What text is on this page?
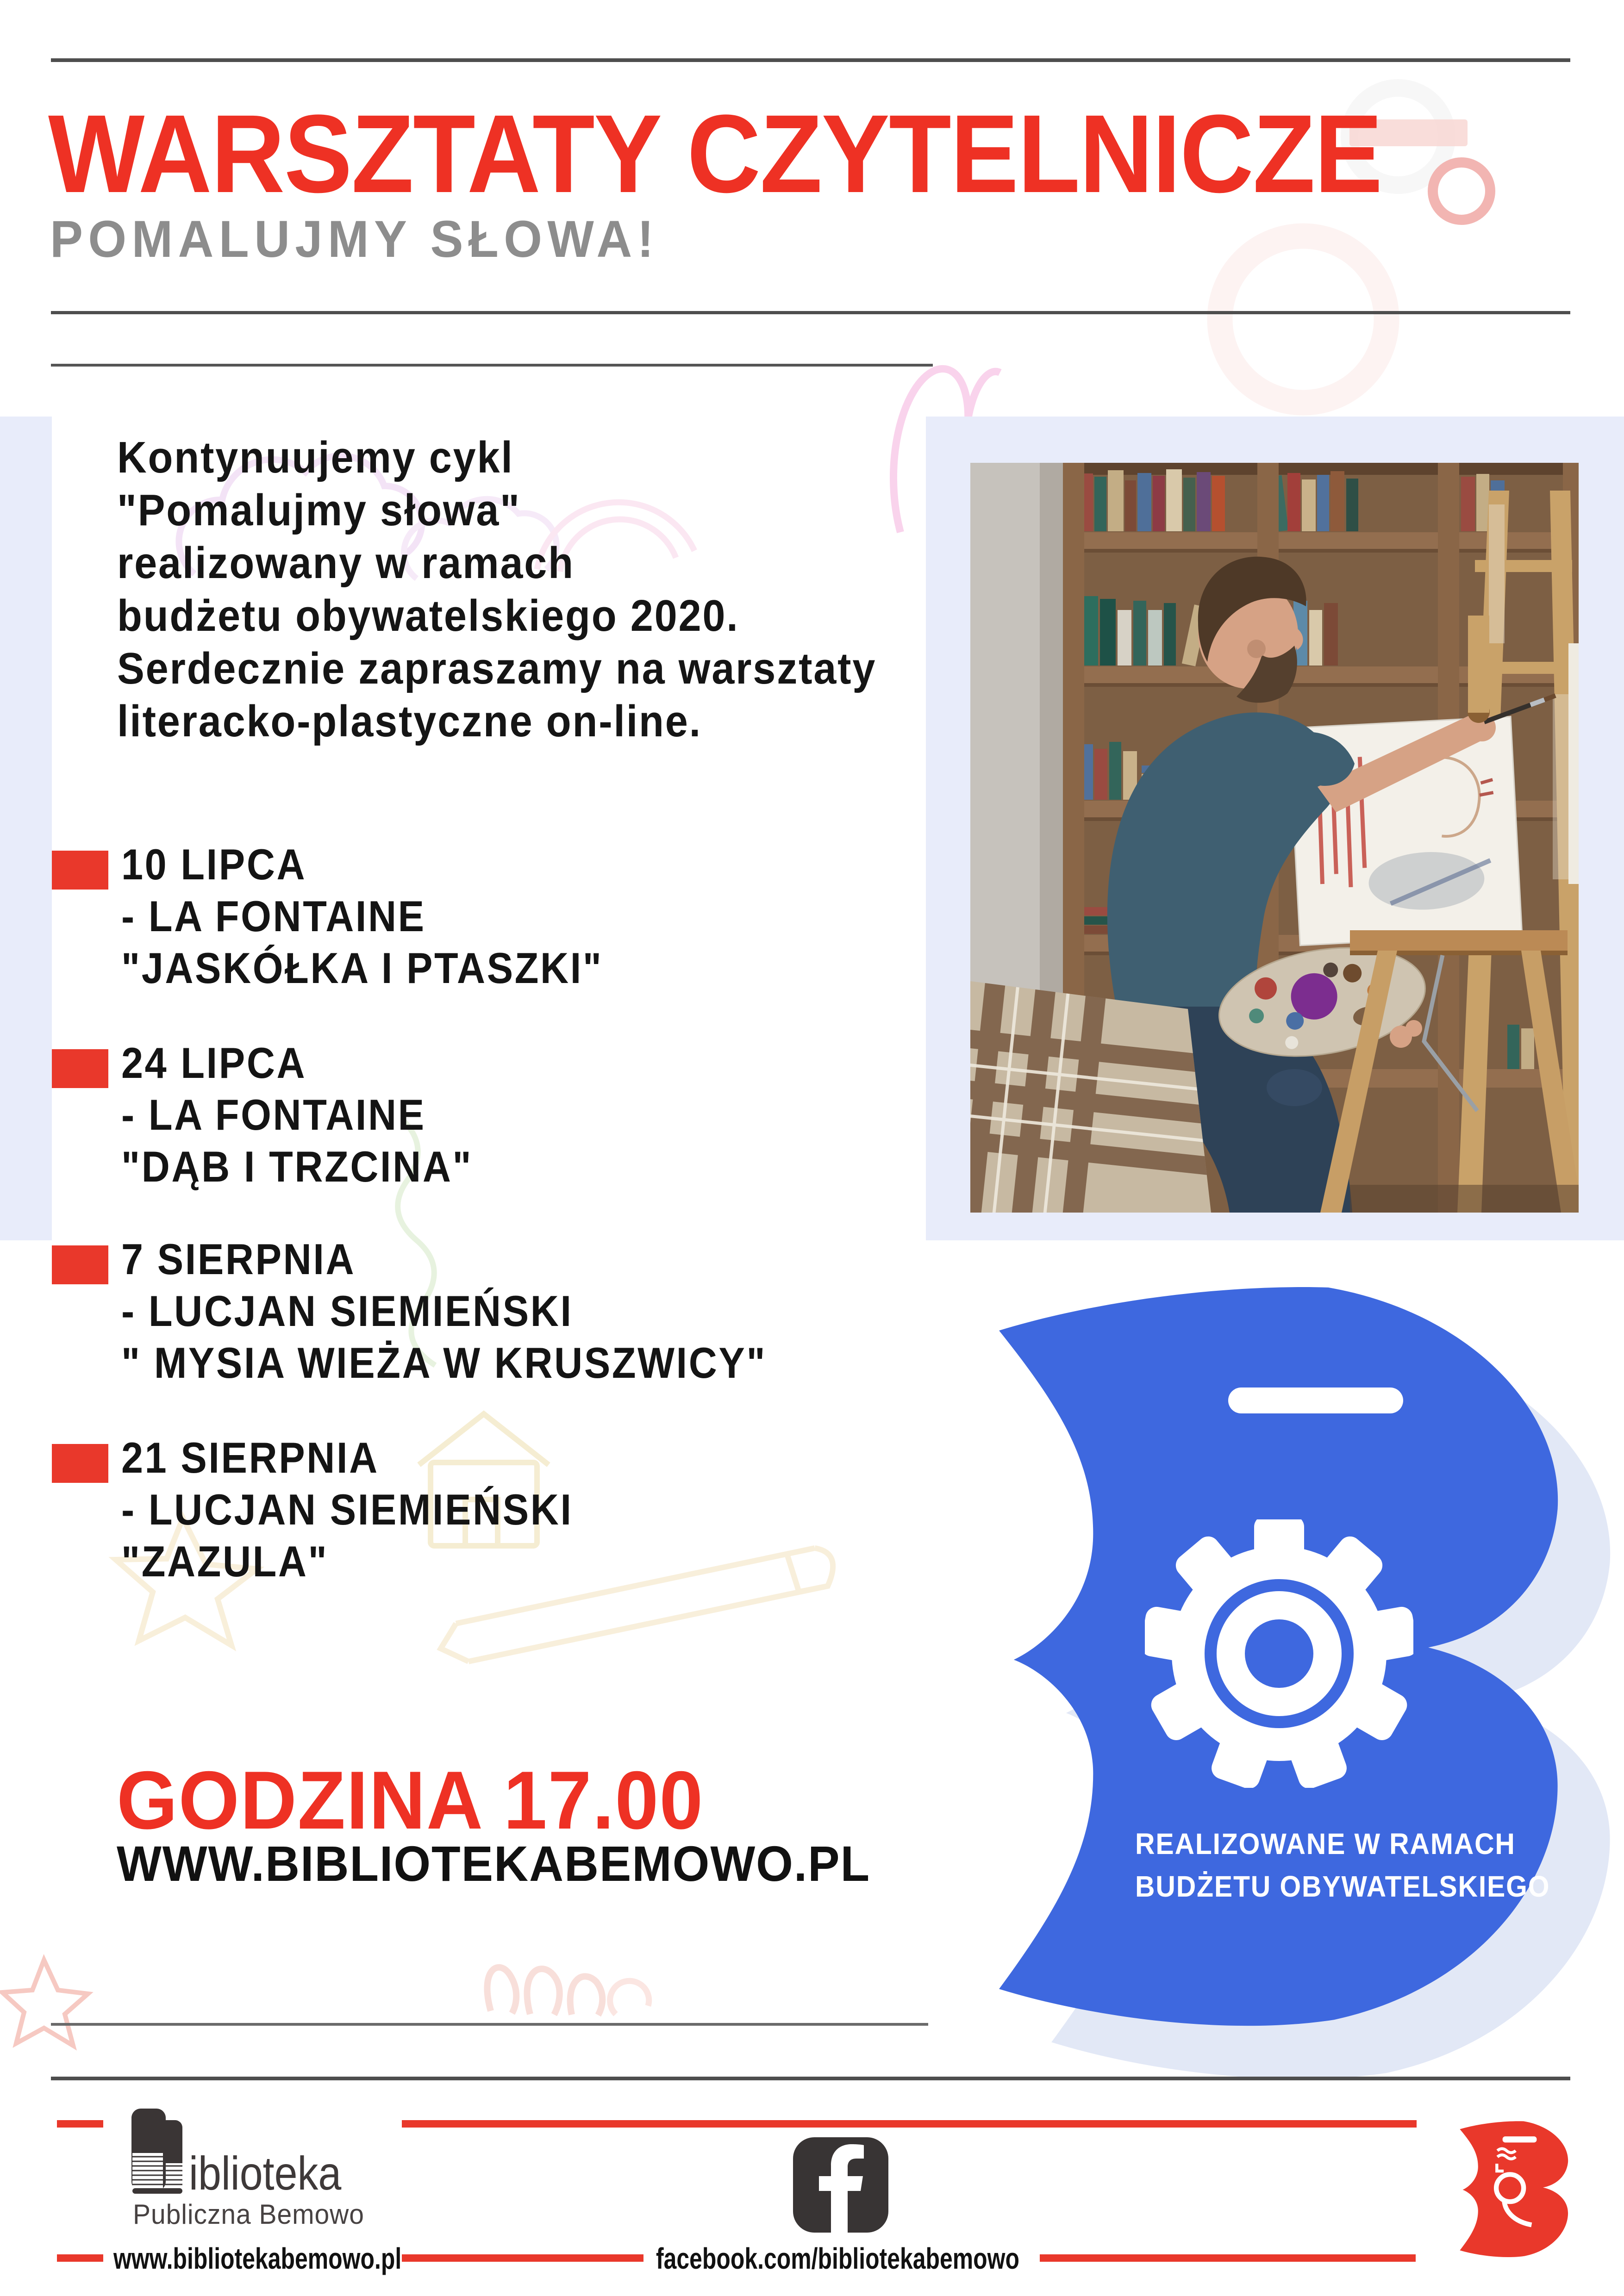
WARSZTATY CZYTELNICZE
POMALUJMY SŁOWA!
Kontynuujemy cykl
"Pomalujmy słowa"
realizowany w ramach
budżetu obywatelskiego 2020.
Serdecznie zapraszamy na warsztaty
literacko-plastyczne on-line.
10 LIPCA
- LA FONTAINE
"JASKÓŁKA I PTASZKI"
24 LIPCA
- LA FONTAINE
"DĄB I TRZCINA"
7 SIERPNIA
- LUCJAN SIEMIEŃSKI
" MYSIA WIEŻA W KRUSZWICY"
21 SIERPNIA
- LUCJAN SIEMIEŃSKI
"ZAZULA"
GODZINA 17.00
WWW.BIBLIOTEKABEMOWO.PL	REALIZOWANE W RAMACH
BUDŻETU OBYWATELSKIEGO
iblioteka
Publiczna Bemowo
www.bibliotekabemowo.pl	facebook.com/bibliotekabemowo
